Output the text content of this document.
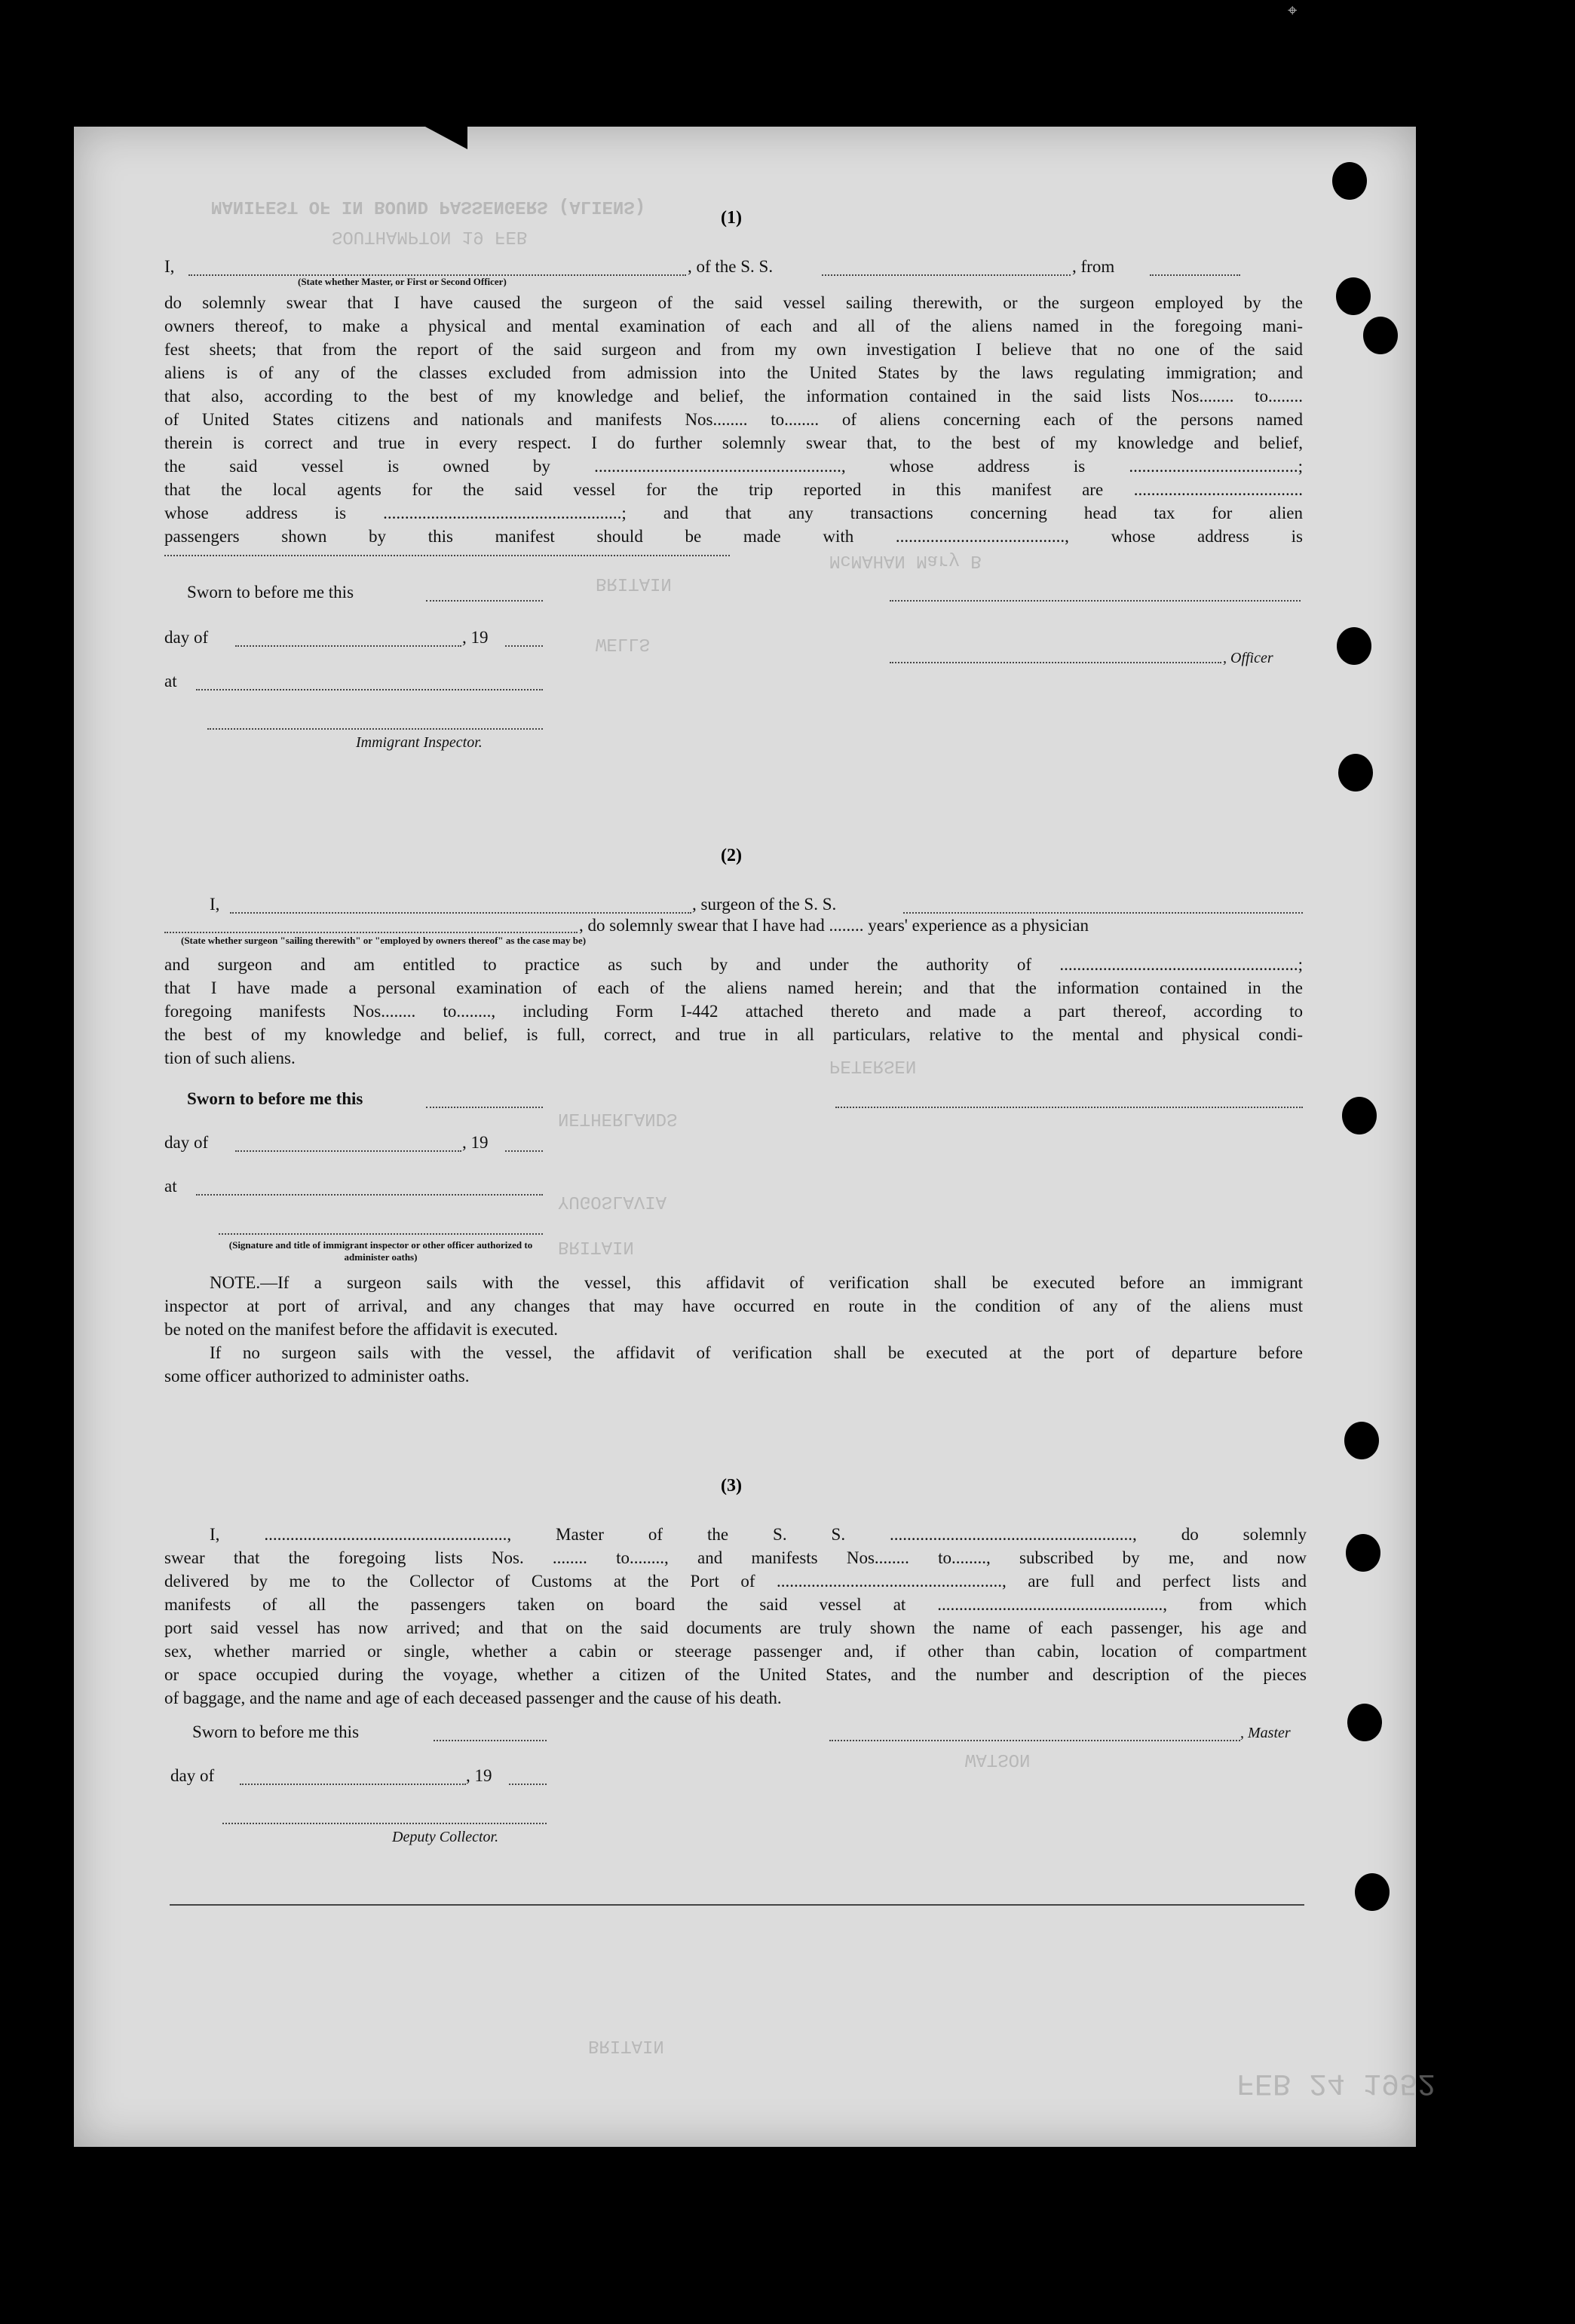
⌖
MANIFEST OF IN BOUND PASSENGERS (ALIENS)
SOUTHAMPTON 19 FEB
McMAHAN Mary B
BRITAIN
WELLS
PETERSEN
NETHERLANDS
YUGOSLAVIA
BRITAIN
WATSON
BRITAIN
FEB 24 1952
(1)
I,	, of the S. S.	, from
(State whether Master, or First or Second Officer)
do solemnly swear that I have caused the surgeon of the said vessel sailing therewith, or the surgeon employed by the
owners thereof, to make a physical and mental examination of each and all of the aliens named in the foregoing mani-
fest sheets; that from the report of the said surgeon and from my own investigation I believe that no one of the said
aliens is of any of the classes excluded from admission into the United States by the laws regulating immigration; and
that also, according to the best of my knowledge and belief, the information contained in the said lists Nos........ to........
of United States citizens and nationals and manifests Nos........ to........ of aliens concerning each of the persons named
therein is correct and true in every respect. I do further solemnly swear that, to the best of my knowledge and belief,
the said vessel is owned by ........................................................., whose address is .......................................;
that the local agents for the said vessel for the trip reported in this manifest are .......................................
whose address is .......................................................; and that any transactions concerning head tax for alien
passengers shown by this manifest should be made with ......................................., whose address is
Sworn to before me this
day of	, 19
, Officer
at
Immigrant Inspector.
(2)
I,	, surgeon of the S. S.
, do solemnly swear that I have had ........ years' experience as a physician
(State whether surgeon "sailing therewith" or "employed by owners thereof" as the case may be)
and surgeon and am entitled to practice as such by and under the authority of .......................................................;
that I have made a personal examination of each of the aliens named herein; and that the information contained in the
foregoing manifests Nos........ to........, including Form I-442 attached thereto and made a part thereof, according to
the best of my knowledge and belief, is full, correct, and true in all particulars, relative to the mental and physical condi-
tion of such aliens.
Sworn to before me this
day of	, 19
at
(Signature and title of immigrant inspector or other officer authorized to administer oaths)
NOTE.—If a surgeon sails with the vessel, this affidavit of verification shall be executed before an immigrant
inspector at port of arrival, and any changes that may have occurred en route in the condition of any of the aliens must
be noted on the manifest before the affidavit is executed.
If no surgeon sails with the vessel, the affidavit of verification shall be executed at the port of departure before
some officer authorized to administer oaths.
(3)
I, ........................................................, Master of the S. S. ........................................................, do solemnly
swear that the foregoing lists Nos. ........ to........, and manifests Nos........ to........, subscribed by me, and now
delivered by me to the Collector of Customs at the Port of ...................................................., are full and perfect lists and
manifests of all the passengers taken on board the said vessel at ...................................................., from which
port said vessel has now arrived; and that on the said documents are truly shown the name of each passenger, his age and
sex, whether married or single, whether a cabin or steerage passenger and, if other than cabin, location of compartment
or space occupied during the voyage, whether a citizen of the United States, and the number and description of the pieces
of baggage, and the name and age of each deceased passenger and the cause of his death.
Sworn to before me this	, Master
day of	, 19
Deputy Collector.
